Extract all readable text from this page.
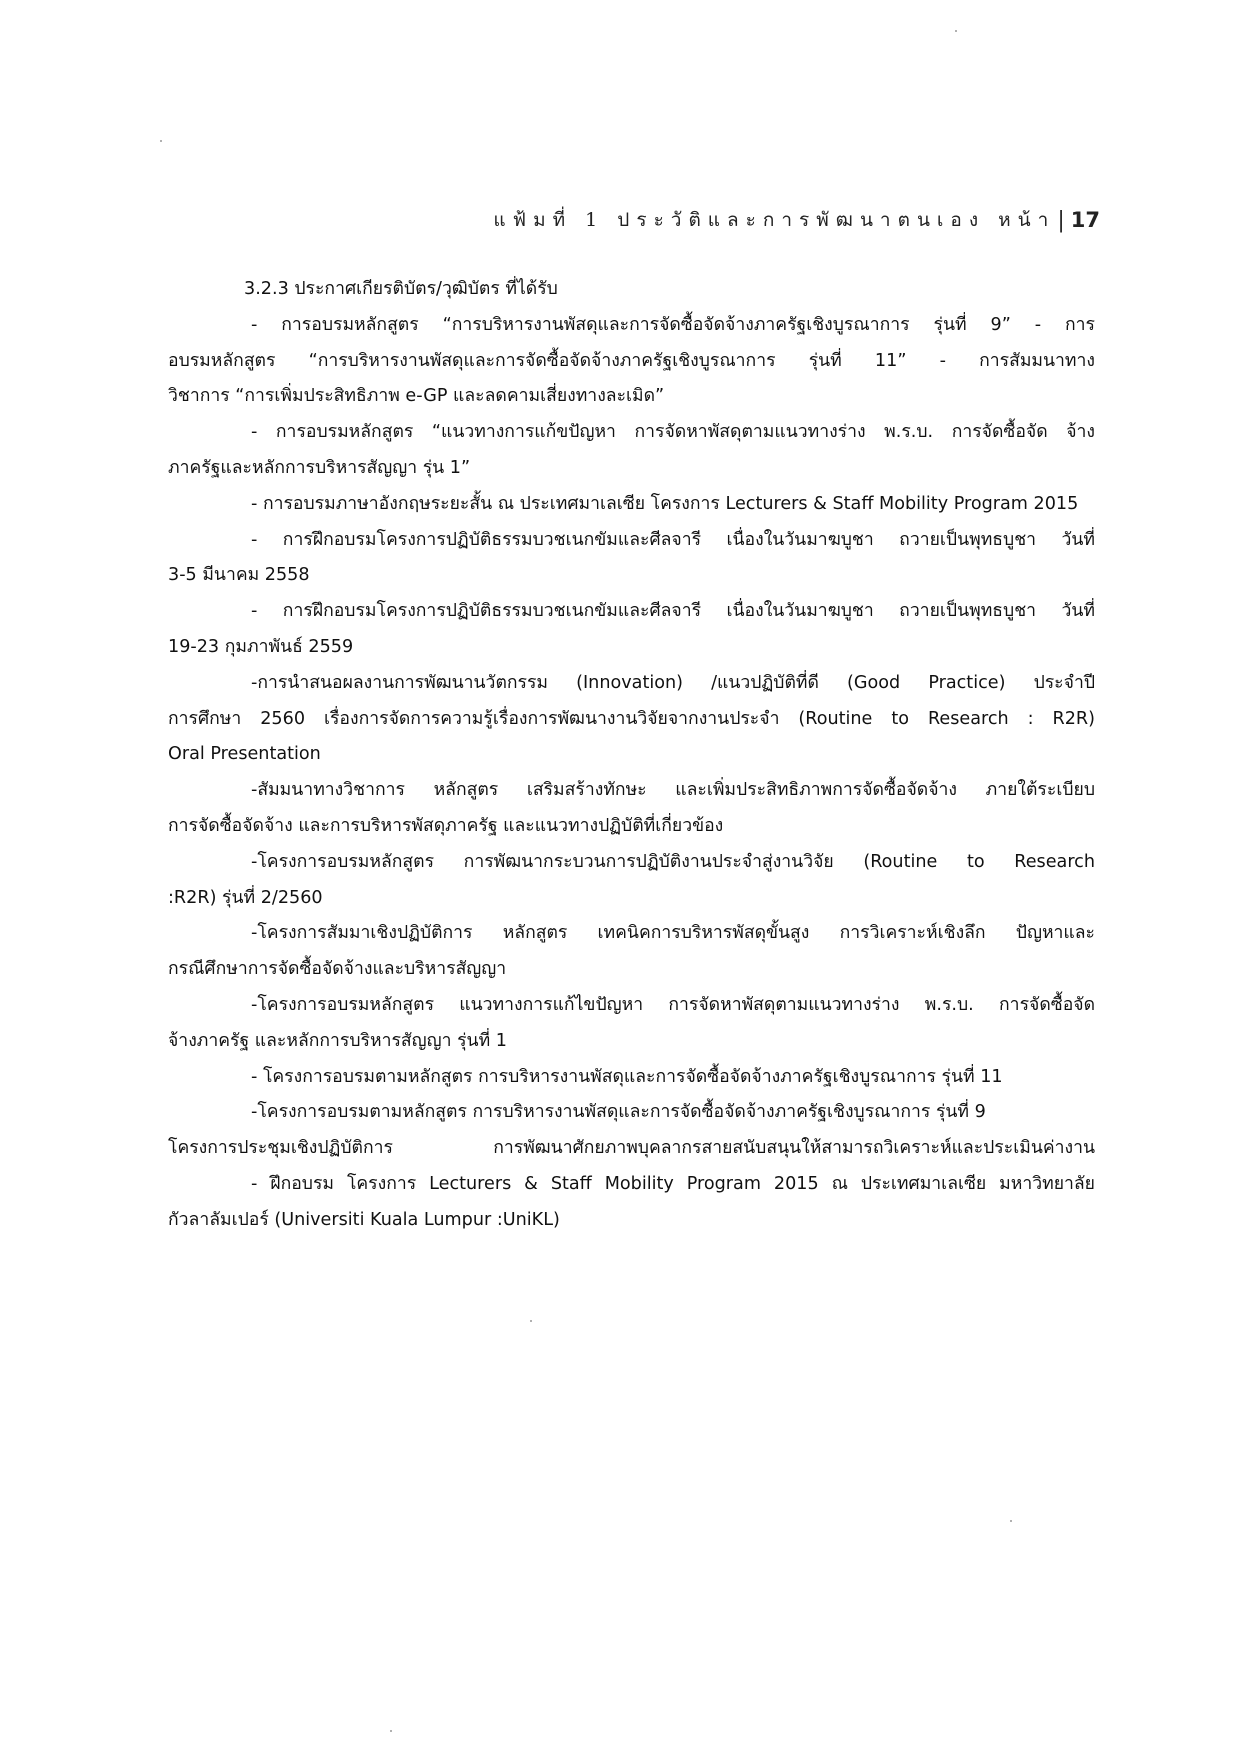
แฟ้มที่ 1 ประวัติและการพัฒนาตนเอง หน้า | 17
3.2.3 ประกาศเกียรติบัตร/วุฒิบัตร ที่ได้รับ
- การอบรมหลักสูตร “การบริหารงานพัสดุและการจัดซื้อจัดจ้างภาครัฐเชิงบูรณาการ รุ่นที่ 9” - การ
อบรมหลักสูตร “การบริหารงานพัสดุและการจัดซื้อจัดจ้างภาครัฐเชิงบูรณาการ รุ่นที่ 11” - การสัมมนาทาง
วิชาการ “การเพิ่มประสิทธิภาพ e-GP และลดคามเสี่ยงทางละเมิด”
- การอบรมหลักสูตร “แนวทางการแก้ขปัญหา การจัดหาพัสดุตามแนวทางร่าง พ.ร.บ. การจัดซื้อจัด จ้าง
ภาครัฐและหลักการบริหารสัญญา รุ่น 1”
- การอบรมภาษาอังกฤษระยะสั้น ณ ประเทศมาเลเซีย โครงการ Lecturers & Staff Mobility Program 2015
- การฝึกอบรมโครงการปฏิบัติธรรมบวชเนกขัมและศีลจารี เนื่องในวันมาฆบูชา ถวายเป็นพุทธบูชา วันที่
3-5 มีนาคม 2558
- การฝึกอบรมโครงการปฏิบัติธรรมบวชเนกขัมและศีลจารี เนื่องในวันมาฆบูชา ถวายเป็นพุทธบูชา วันที่
19-23 กุมภาพันธ์ 2559
-การนำสนอผลงานการพัฒนานวัตกรรม (Innovation) /แนวปฏิบัติที่ดี (Good Practice) ประจำปี
การศึกษา 2560 เรื่องการจัดการความรู้เรื่องการพัฒนางานวิจัยจากงานประจำ (Routine to Research : R2R)
Oral Presentation
-สัมมนาทางวิชาการ หลักสูตร เสริมสร้างทักษะ และเพิ่มประสิทธิภาพการจัดซื้อจัดจ้าง ภายใต้ระเบียบ
การจัดซื้อจัดจ้าง และการบริหารพัสดุภาครัฐ และแนวทางปฏิบัติที่เกี่ยวข้อง
-โครงการอบรมหลักสูตร การพัฒนากระบวนการปฏิบัติงานประจำสู่งานวิจัย (Routine to Research
:R2R) รุ่นที่ 2/2560
-โครงการสัมมาเชิงปฏิบัติการ หลักสูตร เทคนิคการบริหารพัสดุขั้นสูง การวิเคราะห์เชิงลึก ปัญหาและ
กรณีศึกษาการจัดซื้อจัดจ้างและบริหารสัญญา
-โครงการอบรมหลักสูตร แนวทางการแก้ไขปัญหา การจัดหาพัสดุตามแนวทางร่าง พ.ร.บ. การจัดซื้อจัด
จ้างภาครัฐ และหลักการบริหารสัญญา รุ่นที่ 1
- โครงการอบรมตามหลักสูตร การบริหารงานพัสดุและการจัดซื้อจัดจ้างภาครัฐเชิงบูรณาการ รุ่นที่ 11
-โครงการอบรมตามหลักสูตร การบริหารงานพัสดุและการจัดซื้อจัดจ้างภาครัฐเชิงบูรณาการ รุ่นที่ 9
โครงการประชุมเชิงปฏิบัติการ การพัฒนาศักยภาพบุคลากรสายสนับสนุนให้สามารถวิเคราะห์และประเมินค่างาน
- ฝึกอบรม โครงการ Lecturers & Staff Mobility Program 2015 ณ ประเทศมาเลเซีย มหาวิทยาลัย
กัวลาลัมเปอร์ (Universiti Kuala Lumpur :UniKL)
